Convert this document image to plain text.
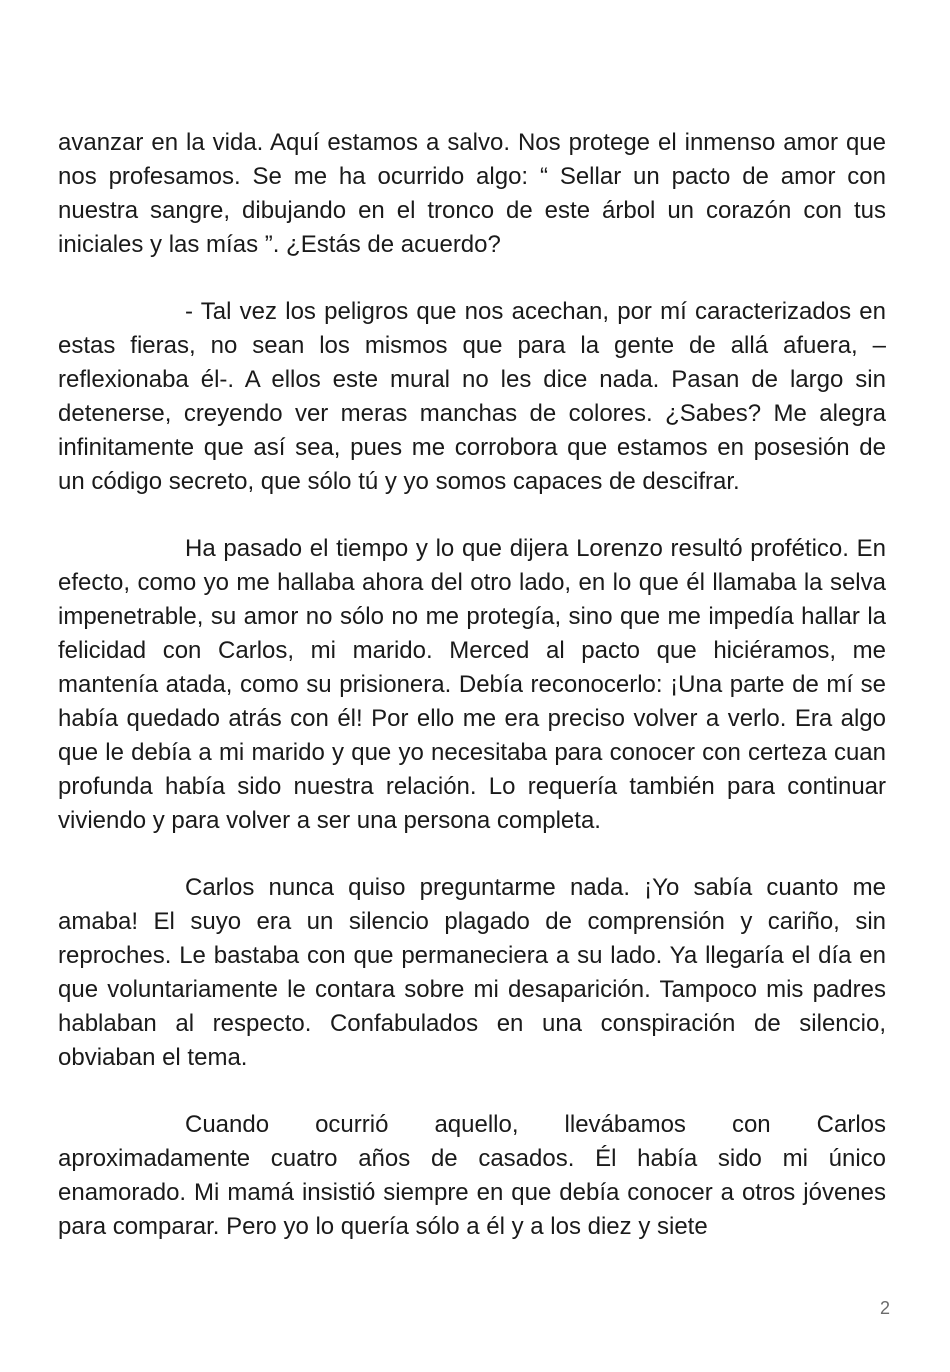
avanzar en la vida. Aquí estamos a salvo. Nos protege el inmenso amor que nos profesamos. Se me ha ocurrido algo: “ Sellar un pacto de amor con nuestra sangre, dibujando en el tronco de este árbol un corazón con tus iniciales y las mías ”. ¿Estás de acuerdo?

- Tal vez los peligros que nos acechan, por mí caracterizados en estas fieras, no sean los mismos que para la gente de allá afuera, –reflexionaba él-. A ellos este mural no les dice nada. Pasan de largo sin detenerse, creyendo ver meras manchas de colores. ¿Sabes? Me alegra infinitamente que así sea, pues me corrobora que estamos en posesión de un código secreto, que sólo tú y yo somos capaces de descifrar.

Ha pasado el tiempo y lo que dijera Lorenzo resultó profético. En efecto, como yo me hallaba ahora del otro lado, en lo que él llamaba la selva impenetrable, su amor no sólo no me protegía, sino que me impedía hallar la felicidad con Carlos, mi marido. Merced al pacto que hiciéramos, me mantenía atada, como su prisionera. Debía reconocerlo: ¡Una parte de mí se había quedado atrás con él! Por ello me era preciso volver a verlo. Era algo que le debía a mi marido y que yo necesitaba para conocer con certeza cuan profunda había sido nuestra relación. Lo requería también para continuar viviendo y para volver a ser una persona completa.

Carlos nunca quiso preguntarme nada. ¡Yo sabía cuanto me amaba! El suyo era un silencio plagado de comprensión y cariño, sin reproches. Le bastaba con que permaneciera a su lado. Ya llegaría el día en que voluntariamente le contara sobre mi desaparición. Tampoco mis padres hablaban al respecto. Confabulados en una conspiración de silencio, obviaban el tema.

Cuando ocurrió aquello, llevábamos con Carlos aproximadamente cuatro años de casados. Él había sido mi único enamorado. Mi mamá insistió siempre en que debía conocer a otros jóvenes para comparar. Pero yo lo quería sólo a él y a los diez y siete

2
